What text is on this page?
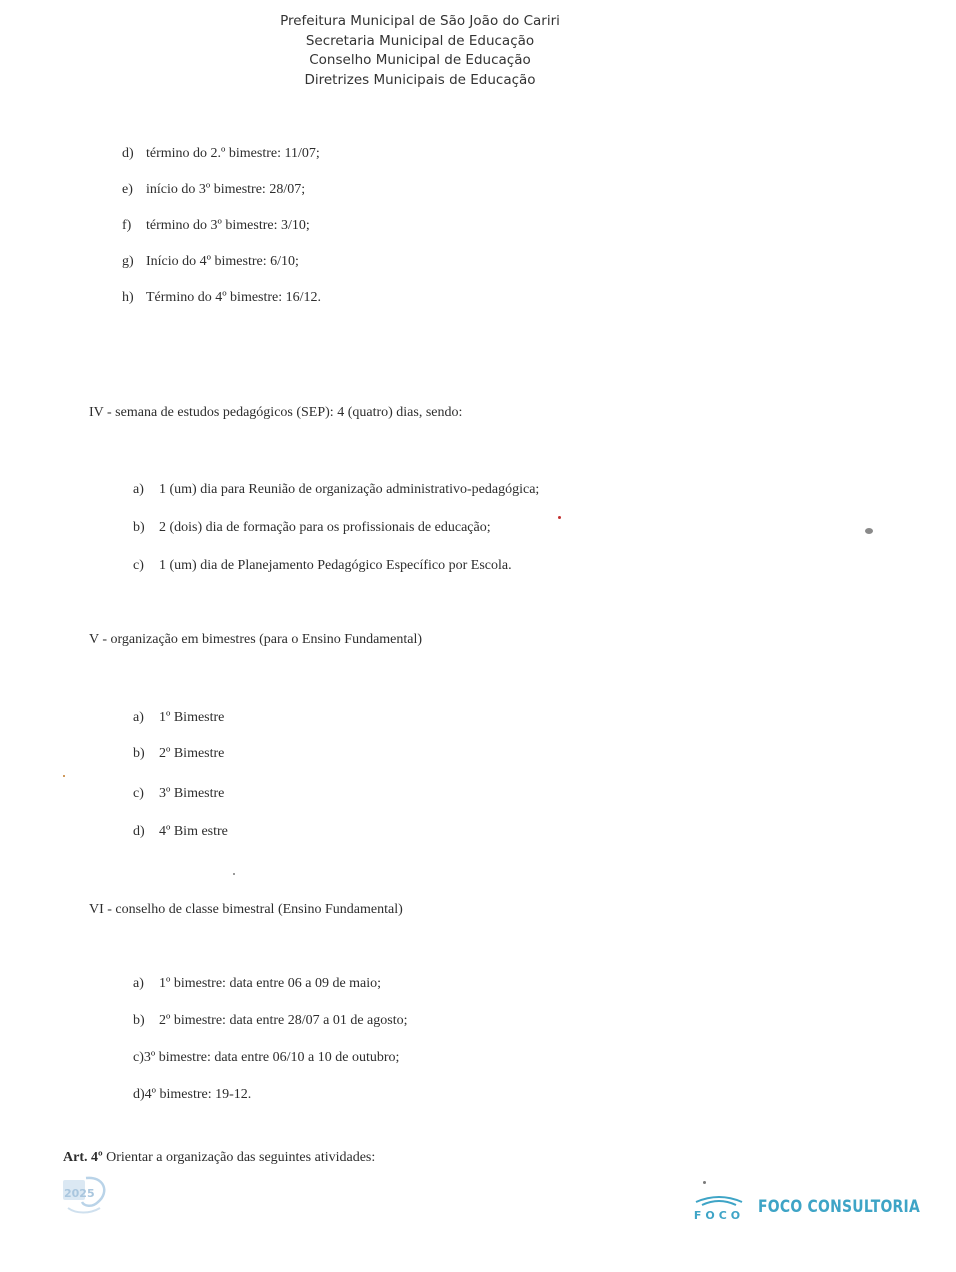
Prefeitura Municipal de São João do Cariri
Secretaria Municipal de Educação
Conselho Municipal de Educação
Diretrizes Municipais de Educação
d) término do 2.º bimestre: 11/07;
e) início do 3º bimestre: 28/07;
f)	término do 3º bimestre: 3/10;
g) Início do 4º bimestre: 6/10;
h) Término do 4º bimestre: 16/12.
IV - semana de estudos pedagógicos (SEP): 4 (quatro) dias, sendo:
a)	1 (um) dia para Reunião de organização administrativo-pedagógica;
b)	2 (dois) dia de formação para os profissionais de educação;
c)	1 (um) dia de Planejamento Pedagógico Específico por Escola.
V - organização em bimestres (para o Ensino Fundamental)
a)	1º Bimestre
b)	2º Bimestre
c)	3º Bimestre
d)	4º Bim estre
VI - conselho de classe bimestral (Ensino Fundamental)
a)	1º bimestre: data entre 06 a 09 de maio;
b)	2º bimestre: data entre 28/07 a 01 de agosto;
c) 3º bimestre: data entre 06/10 a 10 de outubro;
d) 4º bimestre: 19-12.
Art. 4º Orientar a organização das seguintes atividades:
2025
FOCO FOCO CONSULTORIA
